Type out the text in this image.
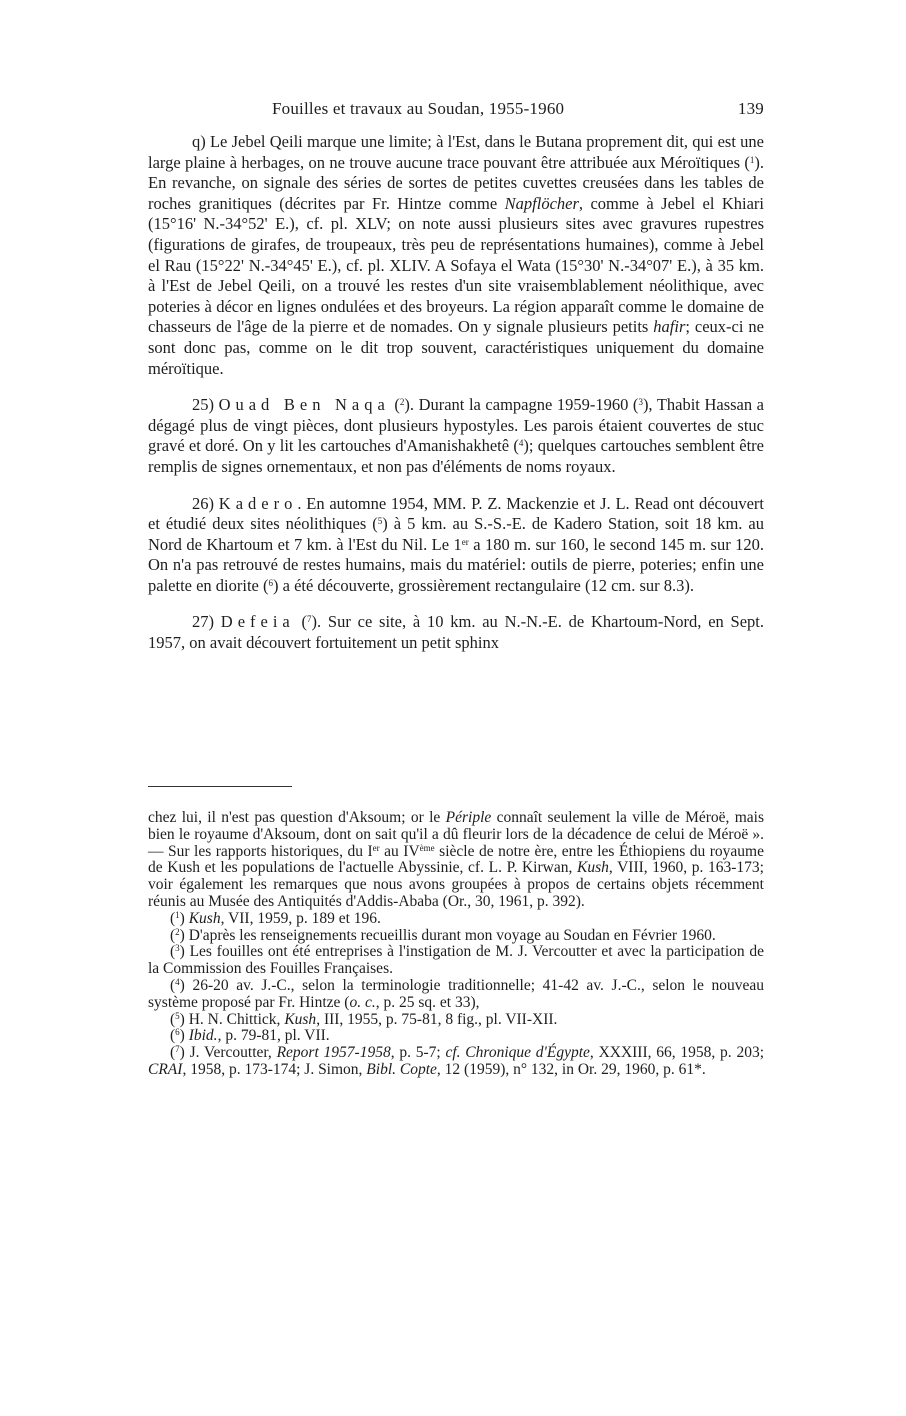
Fouilles et travaux au Soudan, 1955-1960	139

q) Le Jebel Qeili marque une limite; à l'Est, dans le Butana proprement dit, qui est une large plaine à herbages, on ne trouve aucune trace pouvant être attribuée aux Méroïtiques ($^1$). En revanche, on signale des séries de sortes de petites cuvettes creusées dans les tables de roches granitiques (décrites par Fr. Hintze comme Napflöcher, comme à Jebel el Khiari (15°16' N.-34°52' E.), cf. pl. XLV; on note aussi plusieurs sites avec gravures rupestres (figurations de girafes, de troupeaux, très peu de représentations humaines), comme à Jebel el Rau (15°22' N.-34°45' E.), cf. pl. XLIV. A Sofaya el Wata (15°30' N.-34°07' E.), à 35 km. à l'Est de Jebel Qeili, on a trouvé les restes d'un site vraisemblablement néolithique, avec poteries à décor en lignes ondulées et des broyeurs. La région apparaît comme le domaine de chasseurs de l'âge de la pierre et de nomades. On y signale plusieurs petits hafir; ceux-ci ne sont donc pas, comme on le dit trop souvent, caractéristiques uniquement du domaine méroïtique.

25) Ouad Ben Naqa ($^2$). Durant la campagne 1959-1960 ($^3$), Thabit Hassan a dégagé plus de vingt pièces, dont plusieurs hypostyles. Les parois étaient couvertes de stuc gravé et doré. On y lit les cartouches d'Amanishakhetê ($^4$); quelques cartouches semblent être remplis de signes ornementaux, et non pas d'éléments de noms royaux.

26) Kadero. En automne 1954, MM. P. Z. Mackenzie et J. L. Read ont découvert et étudié deux sites néolithiques ($^5$) à 5 km. au S.-S.-E. de Kadero Station, soit 18 km. au Nord de Khartoum et 7 km. à l'Est du Nil. Le 1er a 180 m. sur 160, le second 145 m. sur 120. On n'a pas retrouvé de restes humains, mais du matériel: outils de pierre, poteries; enfin une palette en diorite ($^6$) a été découverte, grossièrement rectangulaire (12 cm. sur 8.3).

27) Defeia ($^7$). Sur ce site, à 10 km. au N.-N.-E. de Khartoum-Nord, en Sept. 1957, on avait découvert fortuitement un petit sphinx

chez lui, il n'est pas question d'Aksoum; or le Périple connaît seulement la ville de Méroë, mais bien le royaume d'Aksoum, dont on sait qu'il a dû fleurir lors de la décadence de celui de Méroë ». — Sur les rapports historiques, du Ier au IVème siècle de notre ère, entre les Éthiopiens du royaume de Kush et les populations de l'actuelle Abyssinie, cf. L. P. Kirwan, Kush, VIII, 1960, p. 163-173; voir également les remarques que nous avons groupées à propos de certains objets récemment réunis au Musée des Antiquités d'Addis-Ababa (Or., 30, 1961, p. 392).

($^1$) Kush, VII, 1959, p. 189 et 196.

($^2$) D'après les renseignements recueillis durant mon voyage au Soudan en Février 1960.

($^3$) Les fouilles ont été entreprises à l'instigation de M. J. Vercoutter et avec la participation de la Commission des Fouilles Françaises.

($^4$) 26-20 av. J.-C., selon la terminologie traditionnelle; 41-42 av. J.-C., selon le nouveau système proposé par Fr. Hintze (o. c., p. 25 sq. et 33),

($^5$) H. N. Chittick, Kush, III, 1955, p. 75-81, 8 fig., pl. VII-XII.

($^6$) Ibid., p. 79-81, pl. VII.

($^7$) J. Vercoutter, Report 1957-1958, p. 5-7; cf. Chronique d'Égypte, XXXIII, 66, 1958, p. 203; CRAI, 1958, p. 173-174; J. Simon, Bibl. Copte, 12 (1959), n° 132, in Or. 29, 1960, p. 61*.
